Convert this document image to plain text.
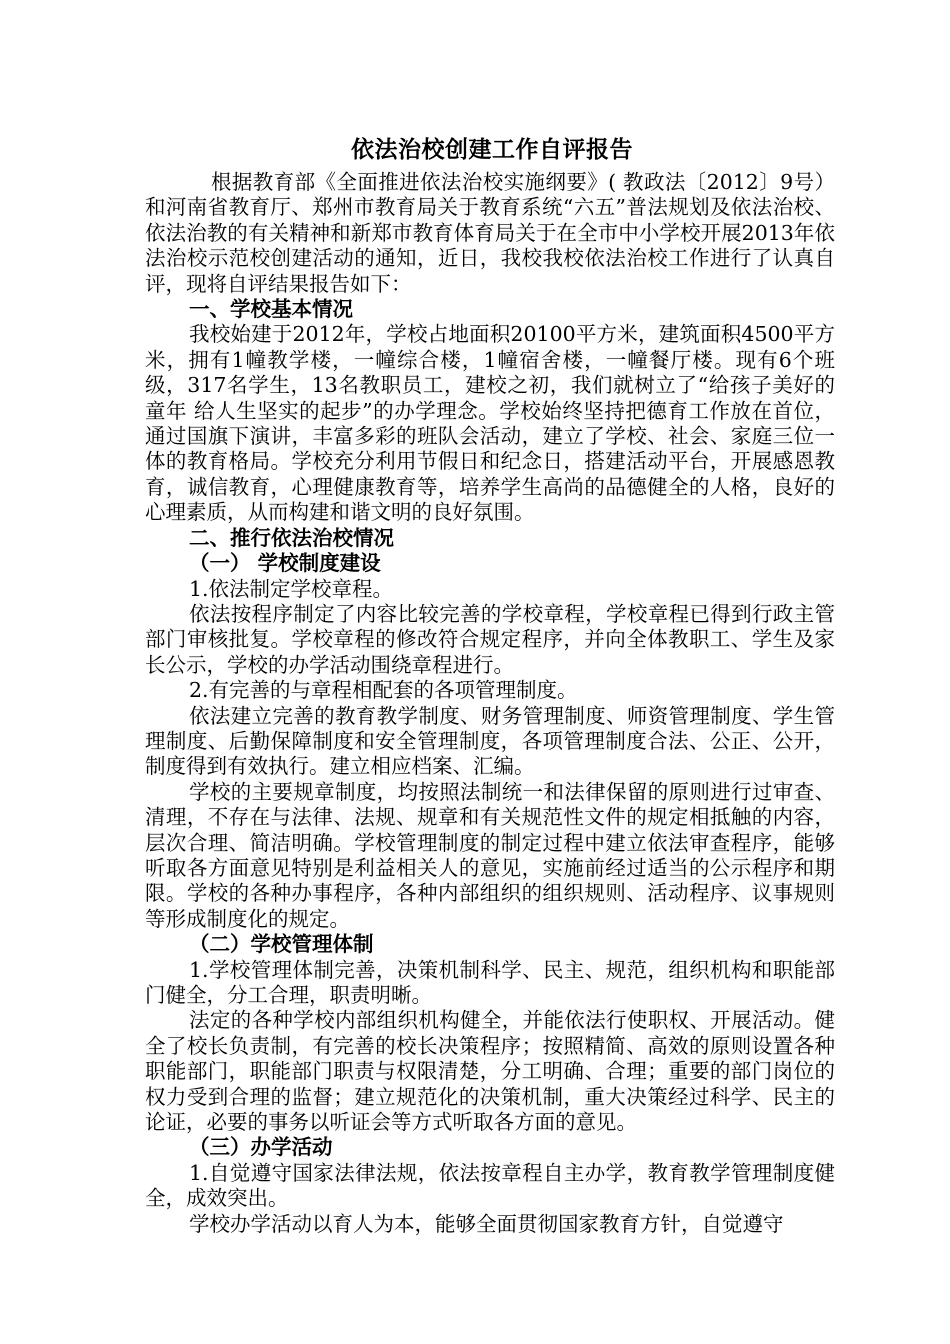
依法治校创建工作自评报告

根据教育部《全面推进依法治校实施纲要》( 教政法〔2012〕9号）和河南省教育厅、郑州市教育局关于教育系统“六五”普法规划及依法治校、 依法治教的有关精神和新郑市教育体育局关于在全市中小学校开展2013年依法治校示范校创建活动的通知，近日，我校我校依法治校工作进行了认真自评，现将自评结果报告如下：

一、学校基本情况

我校始建于2012年，学校占地面积20100平方米，建筑面积4500平方米，拥有1幢教学楼，一幢综合楼，1幢宿舍楼，一幢餐厅楼。现有6个班级，317名学生，13名教职员工，建校之初，我们就树立了“给孩子美好的童年 给人生坚实的起步”的办学理念。学校始终坚持把德育工作放在首位，通过国旗下演讲，丰富多彩的班队会活动，建立了学校、社会、家庭三位一体的教育格局。学校充分利用节假日和纪念日，搭建活动平台，开展感恩教育，诚信教育，心理健康教育等，培养学生高尚的品德健全的人格，良好的心理素质，从而构建和谐文明的良好氛围。

二、推行依法治校情况

（一） 学校制度建设

1.依法制定学校章程。

依法按程序制定了内容比较完善的学校章程，学校章程已得到行政主管部门审核批复。学校章程的修改符合规定程序，并向全体教职工、学生及家长公示，学校的办学活动围绕章程进行。

2.有完善的与章程相配套的各项管理制度。

依法建立完善的教育教学制度、财务管理制度、师资管理制度、学生管理制度、后勤保障制度和安全管理制度，各项管理制度合法、公正、公开，制度得到有效执行。建立相应档案、汇编。

学校的主要规章制度，均按照法制统一和法律保留的原则进行过审查、清理，不存在与法律、法规、规章和有关规范性文件的规定相抵触的内容，层次合理、简洁明确。学校管理制度的制定过程中建立依法审查程序，能够听取各方面意见特别是利益相关人的意见，实施前经过适当的公示程序和期限。学校的各种办事程序，各种内部组织的组织规则、活动程序、议事规则等形成制度化的规定。

（二）学校管理体制

1.学校管理体制完善，决策机制科学、民主、规范，组织机构和职能部门健全，分工合理，职责明晰。

法定的各种学校内部组织机构健全，并能依法行使职权、开展活动。健全了校长负责制，有完善的校长决策程序；按照精简、高效的原则设置各种职能部门，职能部门职责与权限清楚，分工明确、合理；重要的部门岗位的权力受到合理的监督；建立规范化的决策机制，重大决策经过科学、民主的论证，必要的事务以听证会等方式听取各方面的意见。

（三）办学活动

1.自觉遵守国家法律法规，依法按章程自主办学，教育教学管理制度健全，成效突出。

学校办学活动以育人为本，能够全面贯彻国家教育方针，自觉遵守
